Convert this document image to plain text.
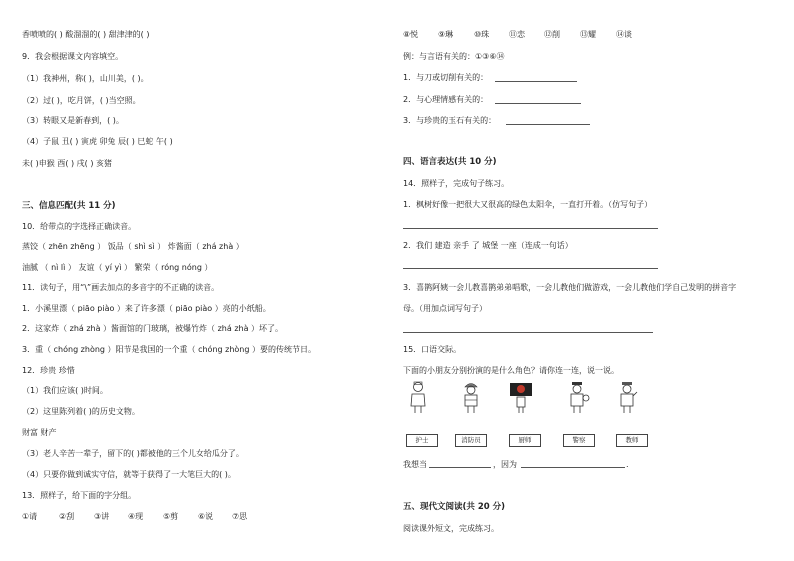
香喷喷的( ) 酸溜溜的( ) 甜津津的( )
9．我会根据课文内容填空。
（1）我神州，称( )，山川美，( )。
（2）过( )，吃月饼，( )当空照。
（3）转眼又是新春到，( )。
（4）子鼠 丑( ) 寅虎 卯兔 辰( ) 巳蛇 午( )
未( )申猴 酉( ) 戌( ) 亥猪
三、信息匹配(共 11 分)
10．给带点的字选择正确读音。
蒸饺（ zhēn zhēng ） 饭品（ shì sì ） 炸酱面（ zhá zhà ）
油腻 （ nì lì ） 友谊（ yí yì ） 繁荣（ róng nóng ）
11．读句子，用“\”画去加点的多音字的不正确的读音。
1．小溪里漂（ piāo piào ）来了许多漂（ piāo piào ）亮的小纸船。
2．这家炸（ zhá zhà ）酱面馆的门玻璃，被爆竹炸（ zhá zhà ）坏了。
3．重（ chóng zhòng ）阳节是我国的一个重（ chóng zhòng ）要的传统节日。
12．珍贵 珍惜
（1）我们应该( )时间。
（2）这里陈列着( )的历史文物。
财富 财产
（3）老人辛苦一辈子，留下的( )都被他的三个儿女给瓜分了。
（4）只要你做到诚实守信，就等于获得了一大笔巨大的( )。
13．照样子，给下面的字分组。
①请	②刮 ③讲 ④现 ⑤剪 ⑥说 ⑦思
⑧悦 ⑨琳	⑩珠 ⑪恋 ⑫削	⑬耀	⑭谈
例：与言语有关的：①③⑥⑭
1．与刀或切削有关的：
2．与心理情感有关的：
3．与珍贵的玉石有关的：
四、语言表达(共 10 分)
14．照样子，完成句子练习。
1．枫树好像一把很大又很高的绿色太阳伞，一直打开着。（仿写句子）
2．我们 建造 亲手 了 城堡 一座（连成一句话）
3．喜鹊阿姨一会儿教喜鹊弟弟唱歌，一会儿教他们做游戏，一会儿教他们学自己发明的拼音字
母。（用加点词写句子）
15．口语交际。
下面的小朋友分别扮演的是什么角色？请你连一连，说一说。
护士	消防员	厨师	警察	教师
我想当	，因为	.
五、现代文阅读(共 20 分)
阅读课外短文，完成练习。
